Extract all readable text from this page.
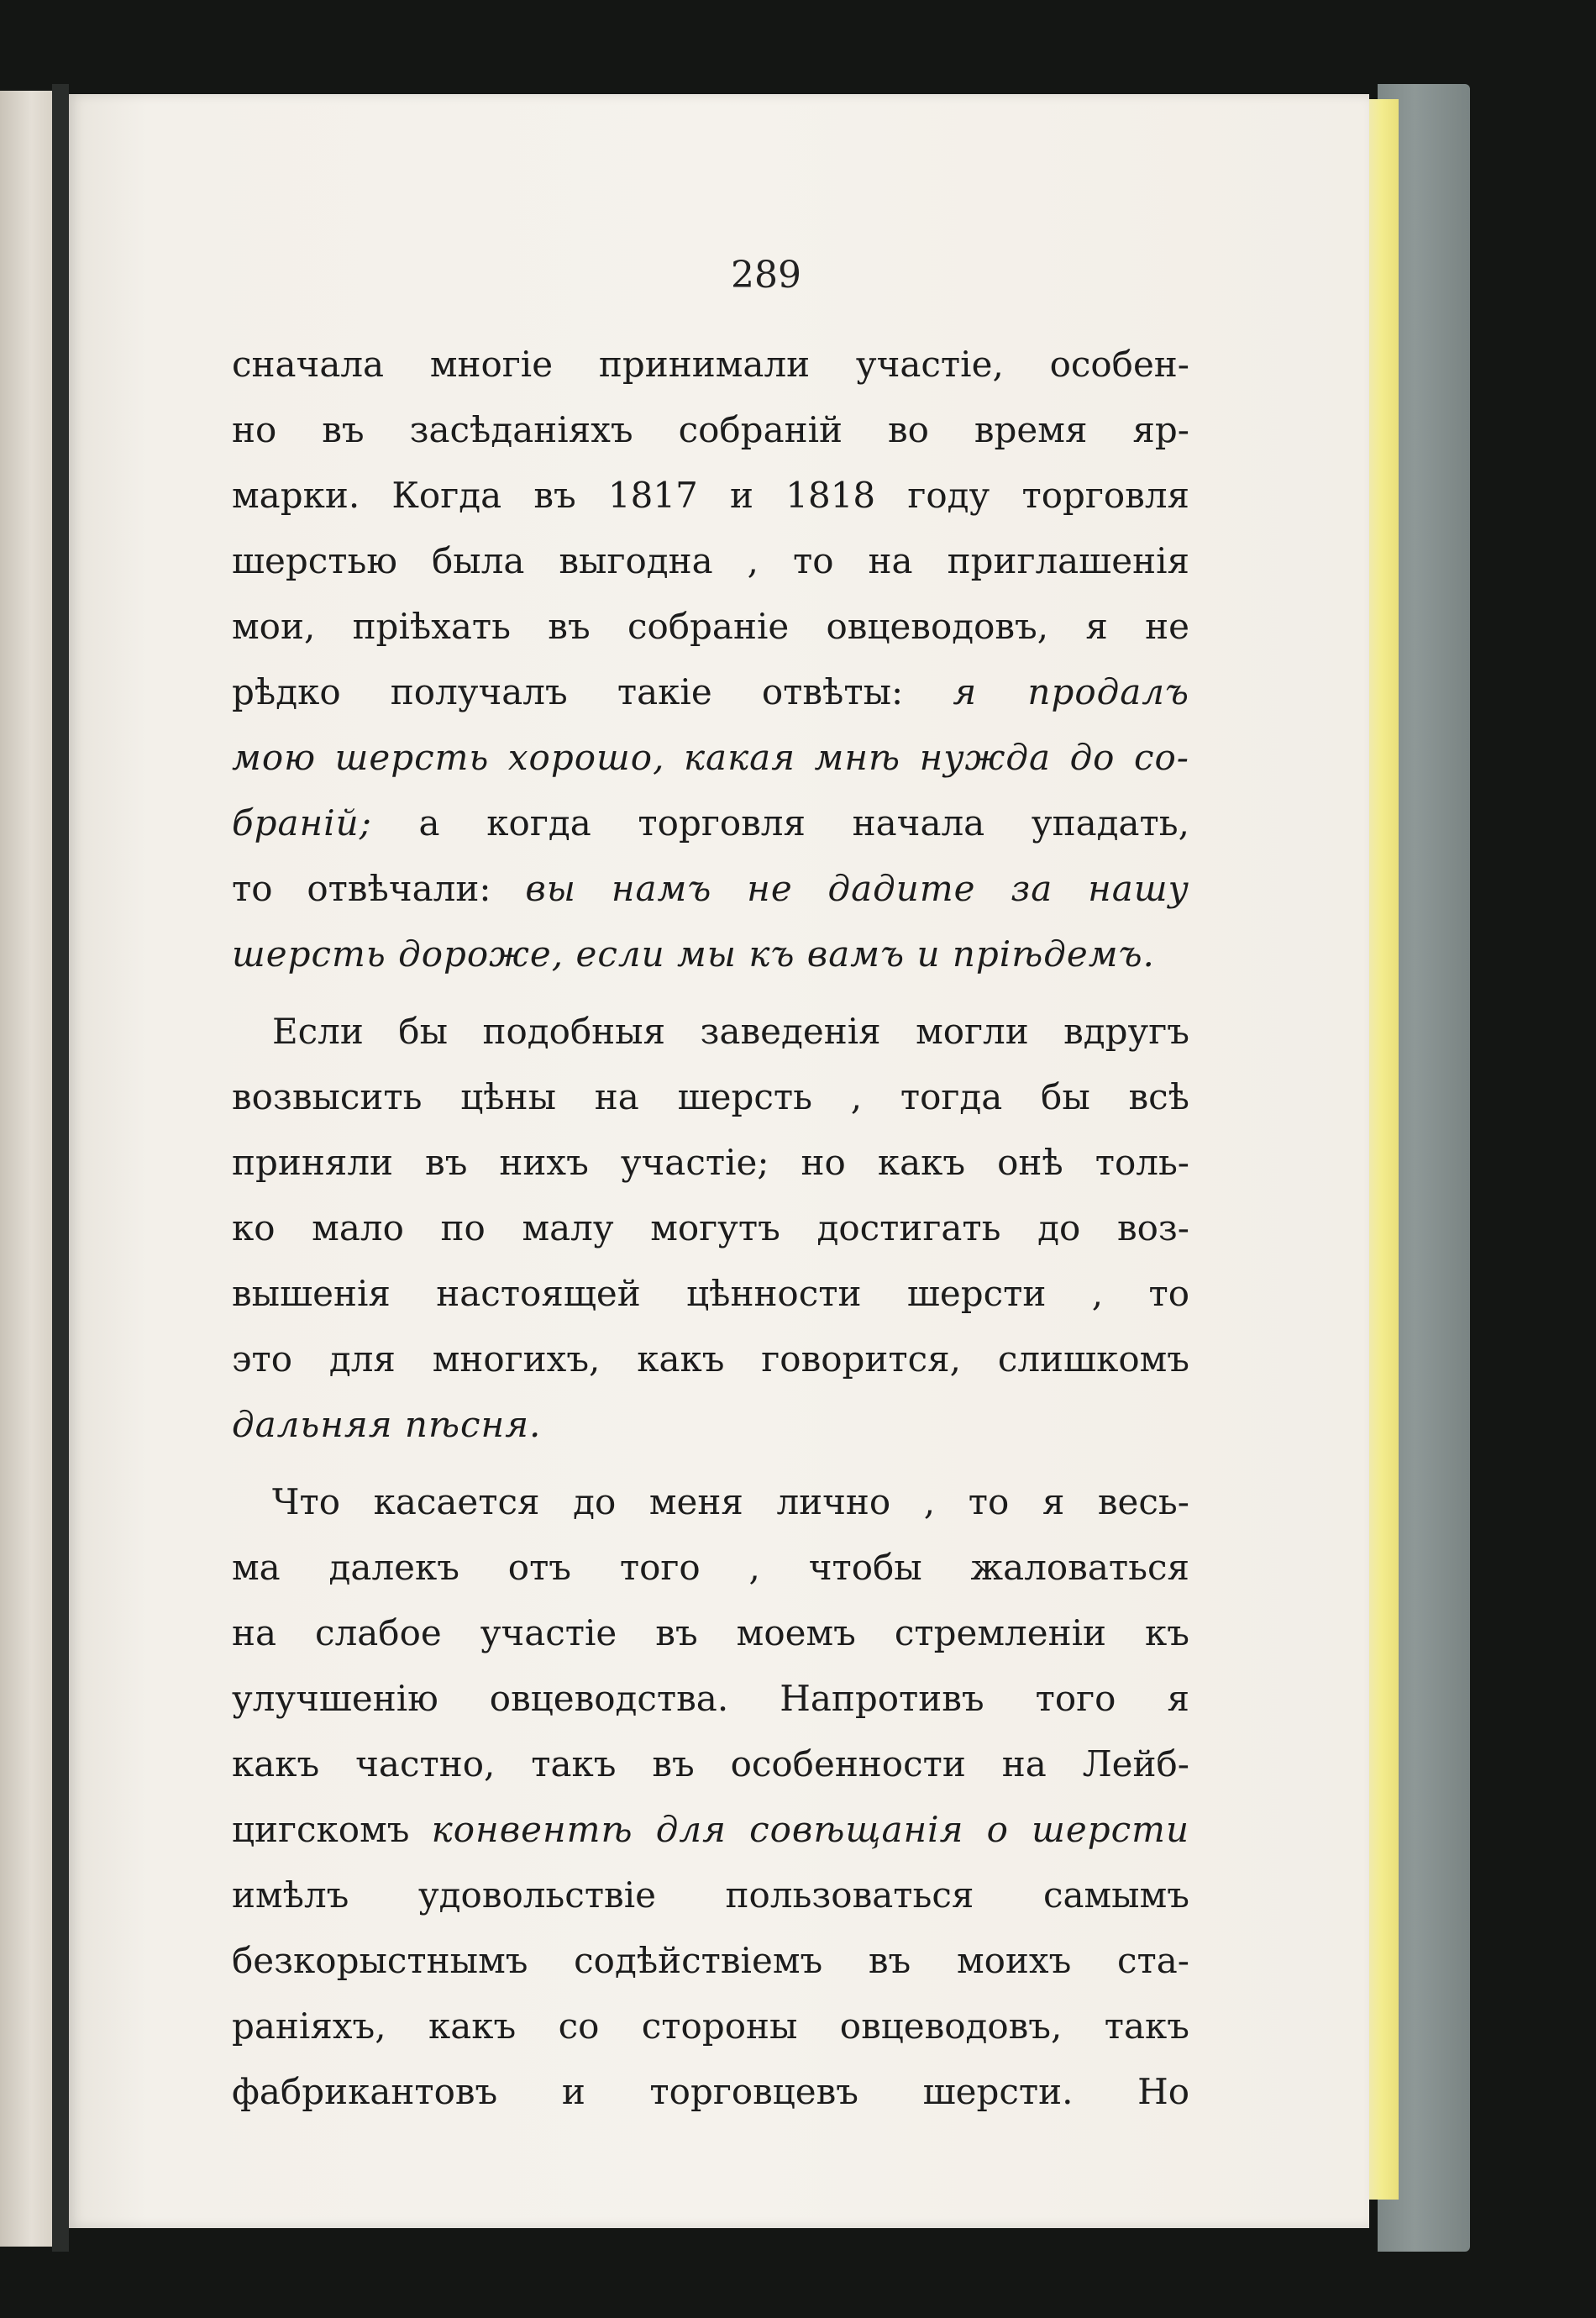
289
сначала многіе принимали участіе, особен-
но въ засѣданіяхъ собраній во время яр-
марки. Когда въ 1817 и 1818 году торговля
шерстью была выгодна , то на приглашенія
мои, пріѣхать въ собраніе овцеводовъ, я не
рѣдко получалъ такіе отвѣты: я продалъ
мою шерсть хорошо, какая мнѣ нужда до со-
браній; а когда торговля начала упадать,
то отвѣчали: вы намъ не дадите за нашу
шерсть дороже, если мы къ вамъ и пріѣдемъ.
Если бы подобныя заведенія могли вдругъ
возвысить цѣны на шерсть , тогда бы всѣ
приняли въ нихъ участіе; но какъ онѣ толь-
ко мало по малу могутъ достигать до воз-
вышенія настоящей цѣнности шерсти , то
это для многихъ, какъ говорится, слишкомъ
дальняя пѣсня.
Что касается до меня лично , то я весь-
ма далекъ отъ того , чтобы жаловаться
на слабое участіе въ моемъ стремленіи къ
улучшенію овцеводства. Напротивъ того я
какъ частно, такъ въ особенности на Лейб-
цигскомъ конвентѣ для совѣщанія о шерсти
имѣлъ удовольствіе пользоваться самымъ
безкорыстнымъ содѣйствіемъ въ моихъ ста-
раніяхъ, какъ со стороны овцеводовъ, такъ
фабрикантовъ и торговцевъ шерсти. Но
